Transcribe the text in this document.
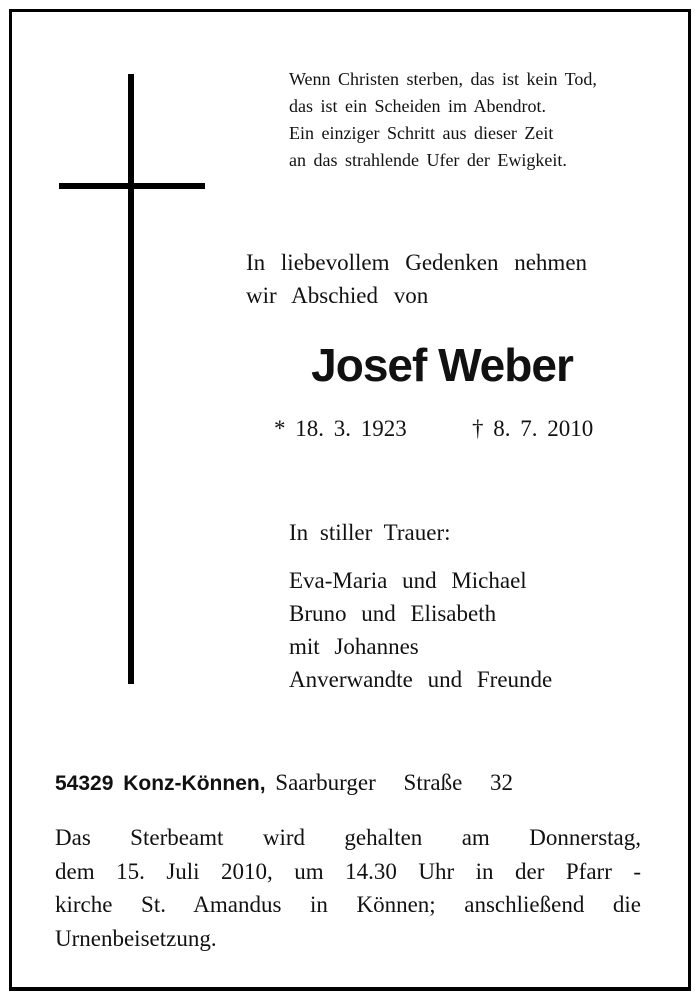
Wenn Christen sterben, das ist kein Tod,
das ist ein Scheiden im Abendrot.
Ein einziger Schritt aus dieser Zeit
an das strahlende Ufer der Ewigkeit.
In liebevollem Gedenken nehmen
wir Abschied von
Josef Weber
* 18. 3. 1923	† 8. 7. 2010
In stiller Trauer:
Eva-Maria und Michael
Bruno und Elisabeth
mit Johannes
Anverwandte und Freunde
54329 Konz-Können, Saarburger Straße 32
Das Sterbeamt wird gehalten am Donnerstag,
dem 15. Juli 2010, um 14.30 Uhr in der Pfarr -
kirche St. Amandus in Können; anschließend die
Urnenbeisetzung.
